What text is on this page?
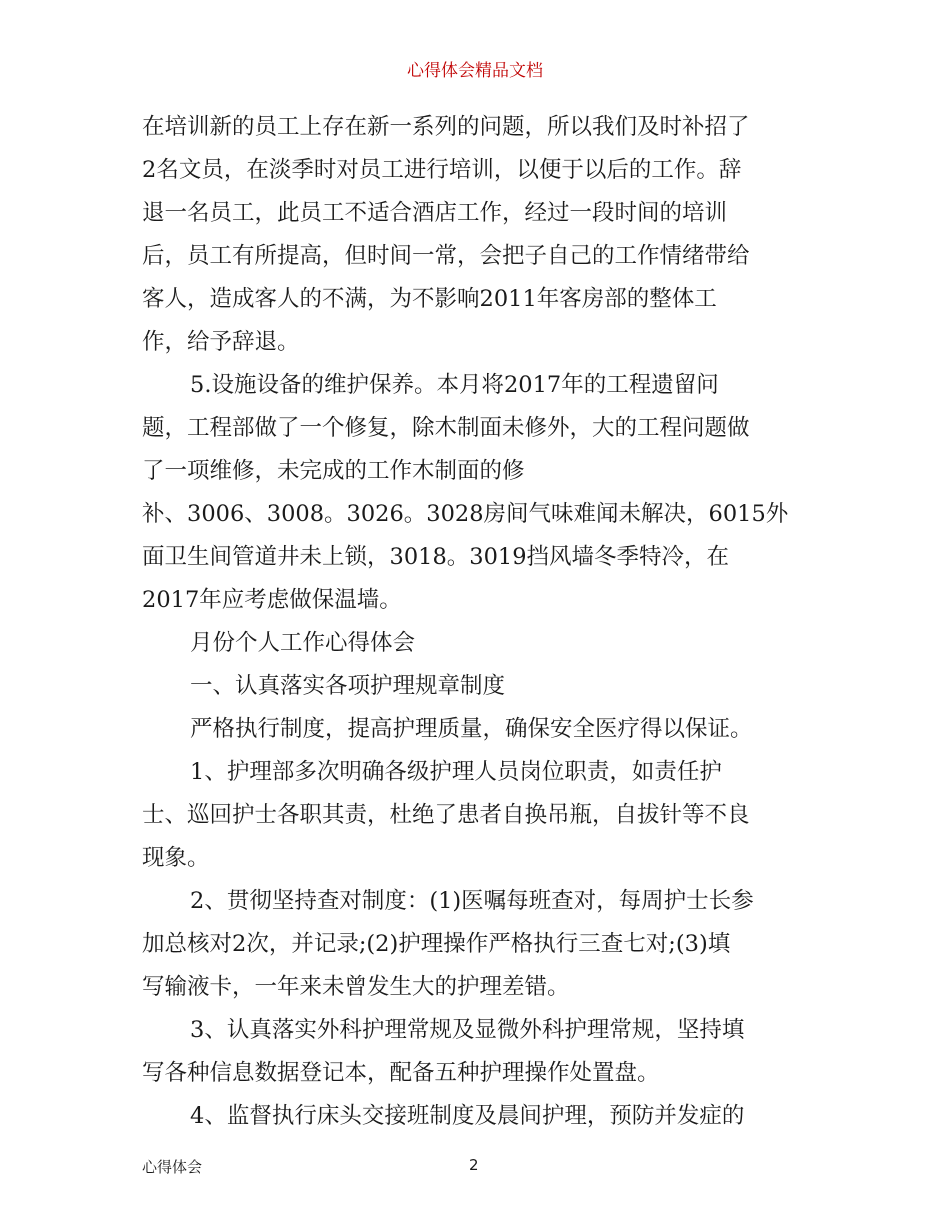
心得体会精品文档
在培训新的员工上存在新一系列的问题，所以我们及时补招了
2名文员，在淡季时对员工进行培训，以便于以后的工作。辞
退一名员工，此员工不适合酒店工作，经过一段时间的培训
后，员工有所提高，但时间一常，会把子自己的工作情绪带给
客人，造成客人的不满，为不影响2011年客房部的整体工
作，给予辞退。
5.设施设备的维护保养。本月将2017年的工程遗留问
题，工程部做了一个修复，除木制面未修外，大的工程问题做
了一项维修，未完成的工作木制面的修
补、3006、3008。3026。3028房间气味难闻未解决，6015外
面卫生间管道井未上锁，3018。3019挡风墙冬季特冷，在
2017年应考虑做保温墙。
月份个人工作心得体会
一、认真落实各项护理规章制度
严格执行制度，提高护理质量，确保安全医疗得以保证。
1、护理部多次明确各级护理人员岗位职责，如责任护
士、巡回护士各职其责，杜绝了患者自换吊瓶，自拔针等不良
现象。
2、贯彻坚持查对制度：(1)医嘱每班查对，每周护士长参
加总核对2次，并记录;(2)护理操作严格执行三查七对;(3)填
写输液卡，一年来未曾发生大的护理差错。
3、认真落实外科护理常规及显微外科护理常规，坚持填
写各种信息数据登记本，配备五种护理操作处置盘。
4、监督执行床头交接班制度及晨间护理，预防并发症的
心得体会	2
